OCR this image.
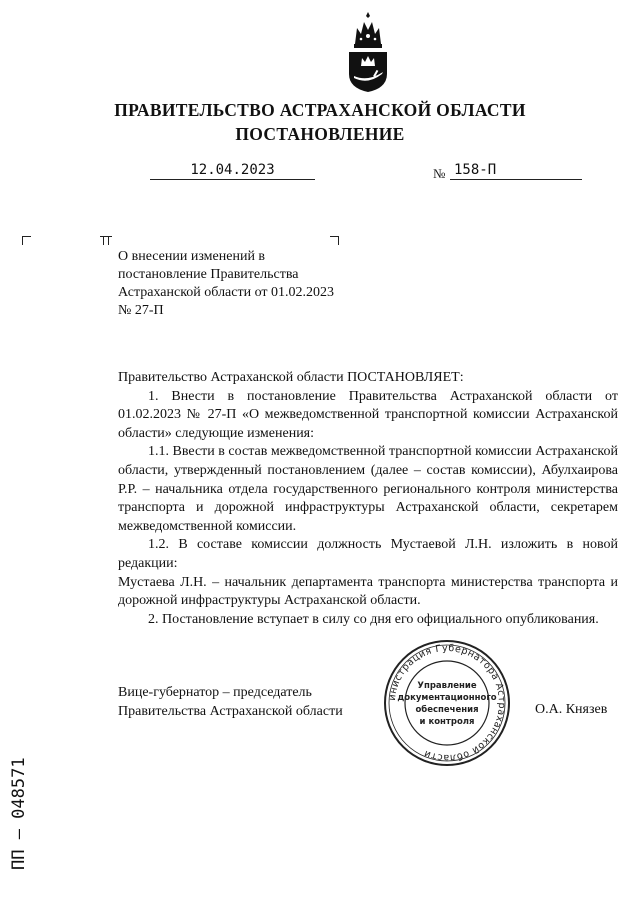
ПРАВИТЕЛЬСТВО АСТРАХАНСКОЙ ОБЛАСТИ
ПОСТАНОВЛЕНИЕ
12.04.2023	№ 158-П
О внесении изменений в постановление Правительства Астраханской области от 01.02.2023 № 27-П

Правительство Астраханской области ПОСТАНОВЛЯЕТ:

1. Внести в постановление Правительства Астраханской области от 01.02.2023 № 27-П «О межведомственной транспортной комиссии Астраханской области» следующие изменения:

1.1. Ввести в состав межведомственной транспортной комиссии Астраханской области, утвержденный постановлением (далее – состав комиссии), Абулхаирова Р.Р. – начальника отдела государственного регионального контроля министерства транспорта и дорожной инфраструктуры Астраханской области, секретарем межведомственной комиссии.

1.2. В составе комиссии должность Мустаевой Л.Н. изложить в новой редакции:

Мустаева Л.Н. – начальник департамента транспорта министерства транспорта и дорожной инфраструктуры Астраханской области.

2. Постановление вступает в силу со дня его официального опубликования.

Вице-губернатор – председатель
Правительства Астраханской области	О.А. Князев
инистрация Губернатора Астраханской области
Управление
документационного
обеспечения
и контроля
ПП – 048571
